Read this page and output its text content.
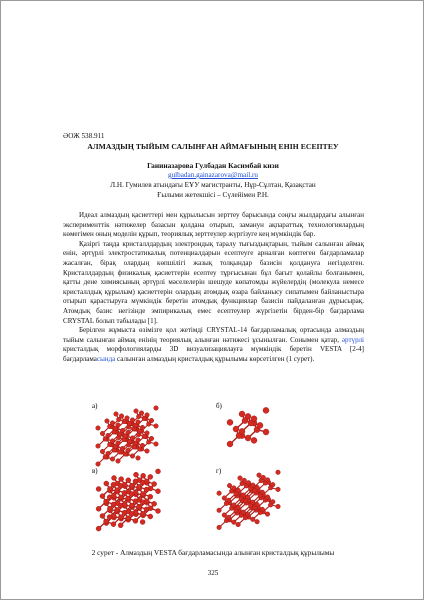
ӘОЖ 538.911
АЛМАЗДЫҢ ТЫЙЫМ САЛЫНҒАН АЙМАҒЫНЫҢ ЕНІН ЕСЕПТЕУ
Ганиназарова Гулбадан Касимбай кизи
gulbadan.gainazarova@mail.ru
Л.Н. Гумилев атындағы ЕҰУ магистранты, Нұр-Сұлтан, Қазақстан
Ғылыми жетекшісі – Сүлейімен Р.Н.

Идеал алмаздың қасиеттері мен құрылысын зерттеу барысында соңғы жылдардағы алынған эксперименттік нәтижелер базасын қолдана отырып, заманун ақпараттық технологиялардың көмегімен оның моделін құрып, теориялық зерттеулер жүргізуге кең мүмкіндік бар.

Қазіргі таңда кристаллдардың электрондық таралу тығыздықтарын, тыйым салынған аймақ енін, әртүрлі электростатикалық потенциалдарын есептеуге арналған көптеген бағдарламалар жасалған, бірақ олардың көпшілігі жазық толқындар базисін қолдануға негізделген. Кристаллдардың физикалық қасиеттерін есептеу тұрғысынан бұл бағыт қолайлы болғанымен, қатты дене химиясының әртүрлі мәселелерін шешуде көпатомды жүйелердің (молекула немесе кристаллдық құрылым) қасиеттерін олардың атомдық өзара байланысу сипатымен байланыстыра отырып қарастыруға мүмкіндік беретін атомдық функциялар базисін пайдаланған дұрысырақ. Атомдық базис негізінде эмпирикалық емес есептеулер жүргізетін бірден-бір бағдарлама CRYSTAL болып табылады [1].

Берілген жұмыста өзімізге қол жетімді CRYSTAL-14 бағдарламалық ортасында алмаздың тыйым салынған аймақ енінің теориялық алынған нәтижесі ұсынылған. Сонымен қатар, әртүрлі кристалдық морфологияларды 3D визуализациялауға мүмкіндік беретін VESTA [2-4] бағдарламасында салынған алмаздың кристалдық құрылымы көрсетілген (1 сурет).

a)	б)
в)	г)
2 сурет - Алмаздың VESTA бағдарламасында алынған кристалдық құрылымы
325
